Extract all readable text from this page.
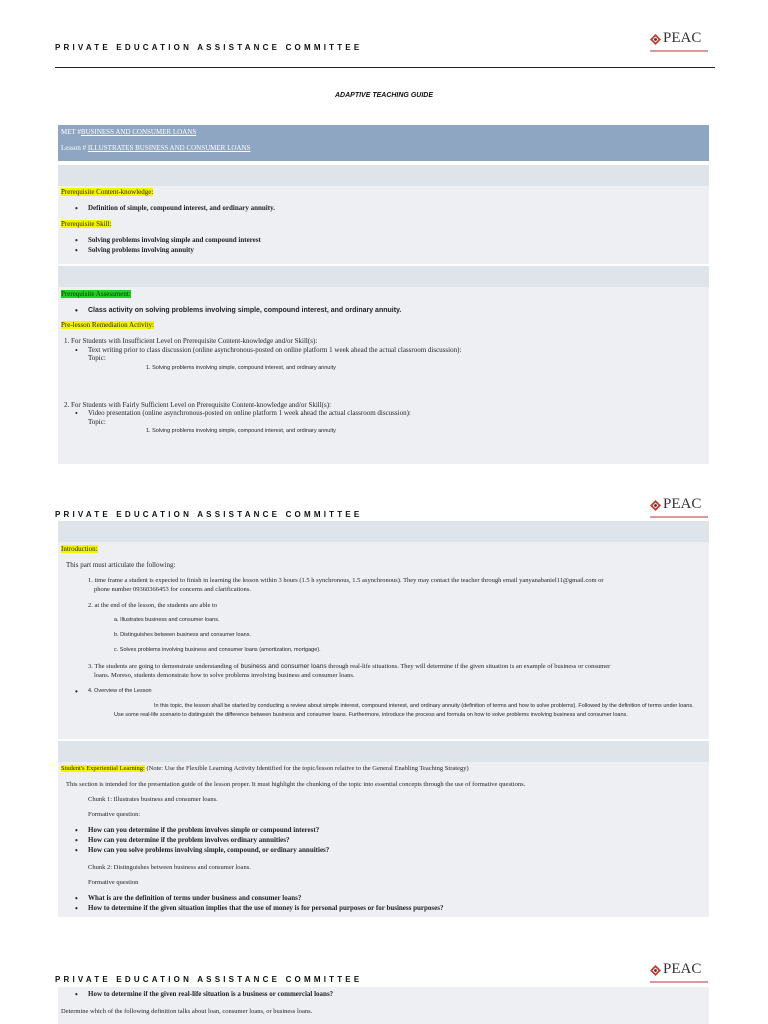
PRIVATE EDUCATION ASSISTANCE COMMITTEE
PEAC
ADAPTIVE TEACHING GUIDE
MET #BUSINESS AND CONSUMER LOANS
Lesson # ILLUSTRATES BUSINESS AND CONSUMER LOANS
Prerequisite Content-knowledge:
• Definition of simple, compound interest, and ordinary annuity.
Prerequisite Skill:
• Solving problems involving simple and compound interest
• Solving problems involving annuity
Prerequisite Assessment:
• Class activity on solving problems involving simple, compound interest, and ordinary annuity.
Pre-lesson Remediation Activity:
1. For Students with Insufficient Level on Prerequisite Content-knowledge and/or Skill(s):
• Text writing prior to class discussion (online asynchronous-posted on online platform 1 week ahead the actual classroom discussion):
Topic:
1. Solving problems involving simple, compound interest, and ordinary annuity
2. For Students with Fairly Sufficient Level on Prerequisite Content-knowledge and/or Skill(s):
• Video presentation (online asynchronous-posted on online platform 1 week ahead the actual classroom discussion):
Topic:
1. Solving problems involving simple, compound interest, and ordinary annuity
PRIVATE EDUCATION ASSISTANCE COMMITTEE
PEAC
Introduction:
This part must articulate the following:
1. time frame a student is expected to finish in learning the lesson within 3 hours (1.5 h synchronous, 1.5 asynchronous). They may contact the teacher through email yanyanabaniel11@gmail.com or
phone number 09360366453 for concerns and clarifications.
2. at the end of the lesson, the students are able to
a. Illustrates business and consumer loans.
b. Distinguishes between business and consumer loans.
c. Solves problems involving business and consumer loans (amortization, mortgage).
3. The students are going to demonstrate understanding of business and consumer loans through real-life situations. They will determine if the given situation is an example of business or consumer
loans. Moreso, students demonstrate how to solve problems involving business and consumer loans.
• 4. Overview of the Lesson
In this topic, the lesson shall be started by conducting a review about simple interest, compound interest, and ordinary annuity (definition of terms and how to solve problems). Followed by the definition of terms under loans. Use some real-life scenario to distinguish the difference between business and consumer loans. Furthermore, introduce the process and formula on how to solve problems involving business and consumer loans.
Student's Experiential Learning: (Note: Use the Flexible Learning Activity Identified for the topic/lesson relative to the General Enabling Teaching Strategy)
This section is intended for the presentation guide of the lesson proper. It must highlight the chunking of the topic into essential concepts through the use of formative questions.
Chunk 1: Illustrates business and consumer loans.
Formative question:
• How can you determine if the problem involves simple or compound interest?
• How can you determine if the problem involves ordinary annuities?
• How can you solve problems involving simple, compound, or ordinary annuities?
Chunk 2: Distinguishes between business and consumer loans.
Formative question
• What is are the definition of terms under business and consumer loans?
• How to determine if the given situation implies that the use of money is for personal purposes or for business purposes?
PRIVATE EDUCATION ASSISTANCE COMMITTEE
PEAC
• How to determine if the given real-life situation is a business or commercial loans?
Determine which of the following definition talks about loan, consumer loans, or business loans.
